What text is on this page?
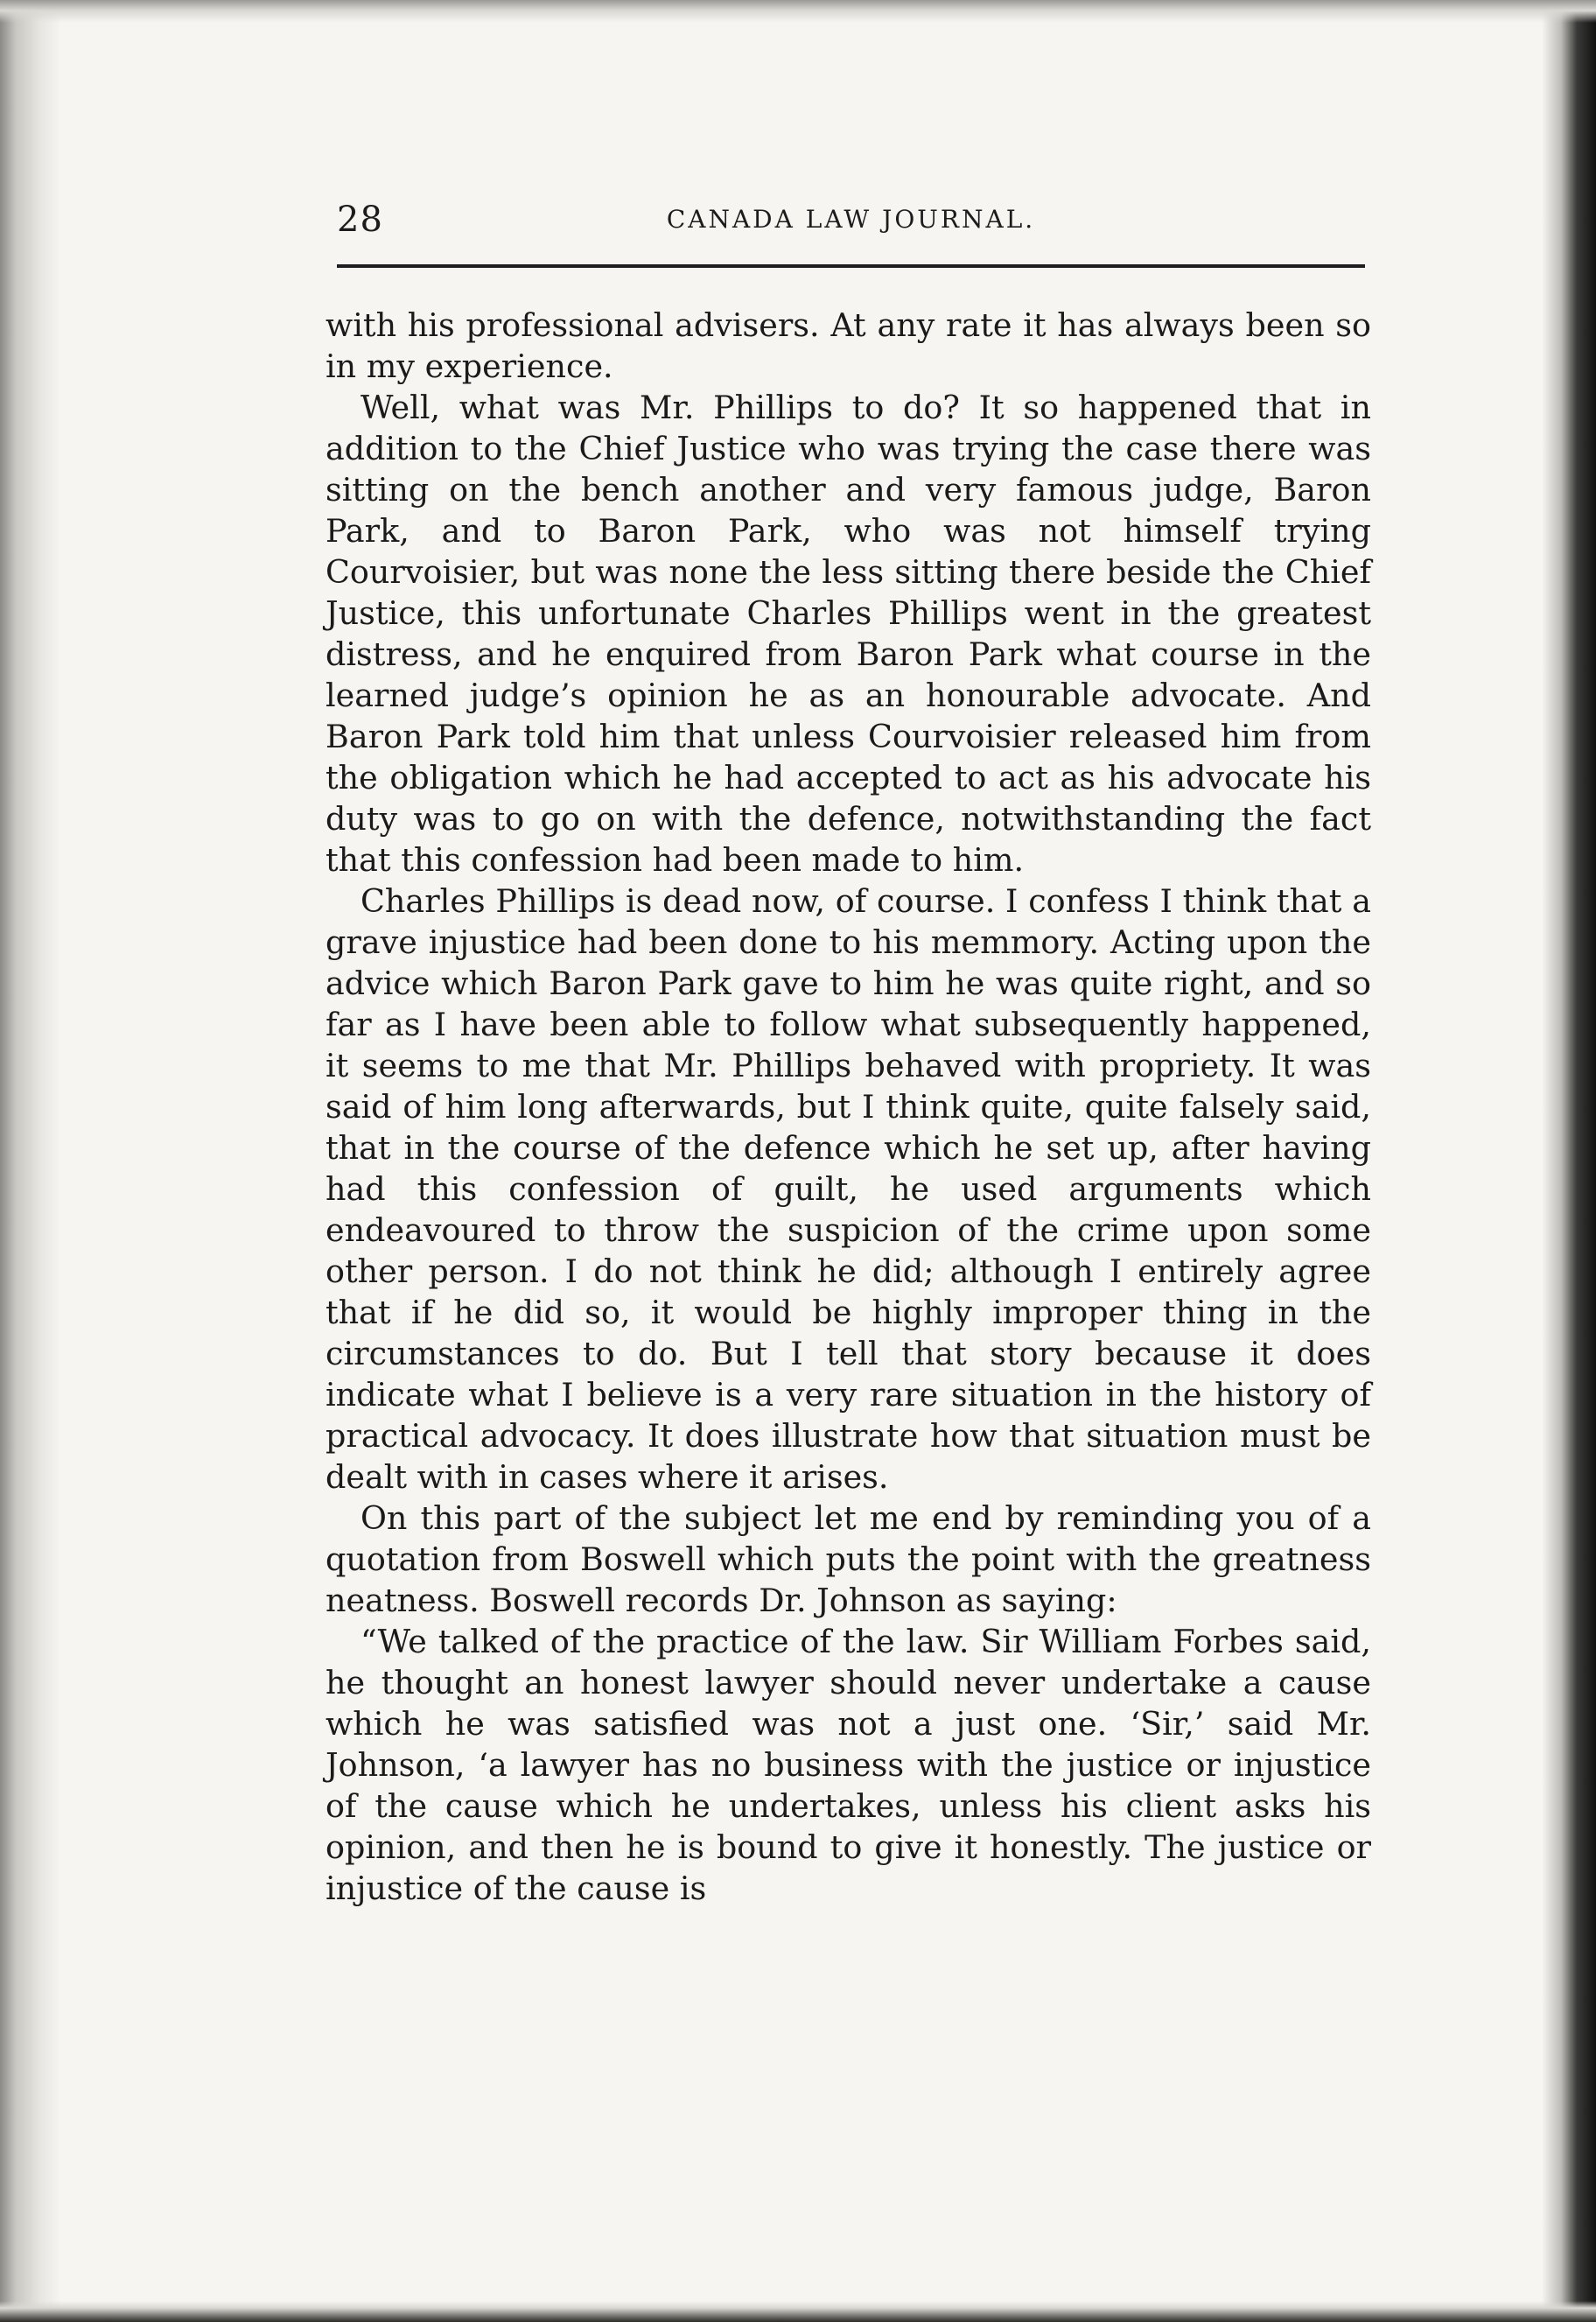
28	CANADA LAW JOURNAL.

with his professional advisers. At any rate it has always been so in my experience.

Well, what was Mr. Phillips to do? It so happened that in addition to the Chief Justice who was trying the case there was sitting on the bench another and very famous judge, Baron Park, and to Baron Park, who was not himself trying Courvoisier, but was none the less sitting there beside the Chief Justice, this unfortunate Charles Phillips went in the greatest distress, and he enquired from Baron Park what course in the learned judge’s opinion he as an honourable advocate. And Baron Park told him that unless Courvoisier released him from the obligation which he had accepted to act as his advocate his duty was to go on with the defence, notwithstanding the fact that this confession had been made to him.

Charles Phillips is dead now, of course. I confess I think that a grave injustice had been done to his memmory. Acting upon the advice which Baron Park gave to him he was quite right, and so far as I have been able to follow what subsequently happened, it seems to me that Mr. Phillips behaved with propriety. It was said of him long afterwards, but I think quite, quite falsely said, that in the course of the defence which he set up, after having had this confession of guilt, he used arguments which endeavoured to throw the suspicion of the crime upon some other person. I do not think he did; although I entirely agree that if he did so, it would be highly improper thing in the circumstances to do. But I tell that story because it does indicate what I believe is a very rare situation in the history of practical advocacy. It does illustrate how that situation must be dealt with in cases where it arises.

On this part of the subject let me end by reminding you of a quotation from Boswell which puts the point with the greatness neatness. Boswell records Dr. Johnson as saying:

“We talked of the practice of the law. Sir William Forbes said, he thought an honest lawyer should never undertake a cause which he was satisfied was not a just one. ‘Sir,’ said Mr. Johnson, ‘a lawyer has no business with the justice or injustice of the cause which he undertakes, unless his client asks his opinion, and then he is bound to give it honestly. The justice or injustice of the cause is
